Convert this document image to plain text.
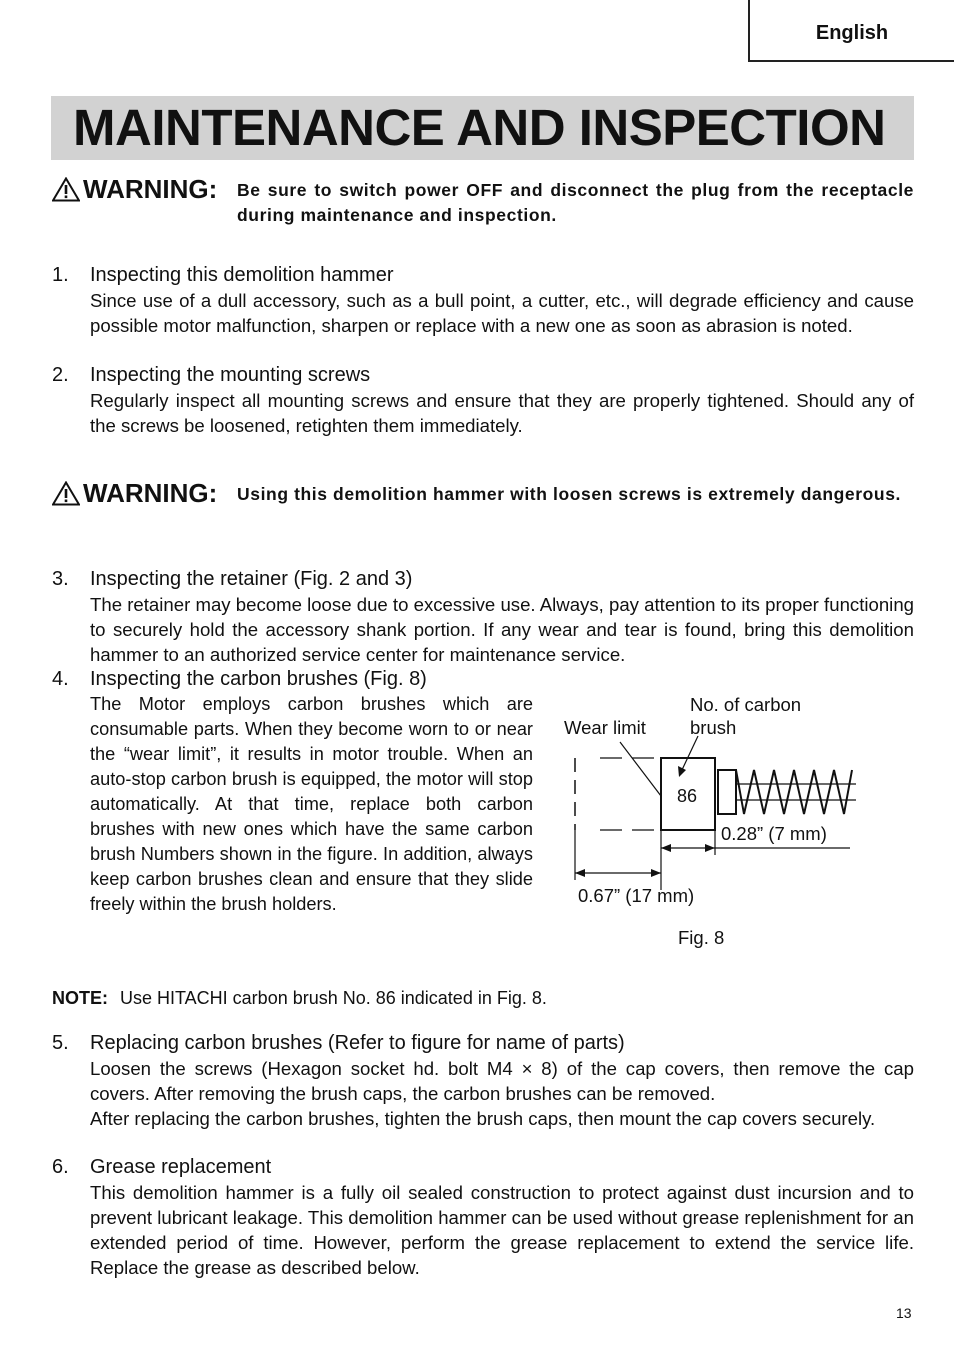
English
MAINTENANCE AND INSPECTION
WARNING: Be sure to switch power OFF and disconnect the plug from the receptacle during maintenance and inspection.
1. Inspecting this demolition hammer
Since use of a dull accessory, such as a bull point, a cutter, etc., will degrade efficiency and cause possible motor malfunction, sharpen or replace with a new one as soon as abrasion is noted.
2. Inspecting the mounting screws
Regularly inspect all mounting screws and ensure that they are properly tightened. Should any of the screws be loosened, retighten them immediately.
WARNING: Using this demolition hammer with loosen screws is extremely dangerous.
3. Inspecting the retainer (Fig. 2 and 3)
The retainer may become loose due to excessive use. Always, pay attention to its proper functioning to securely hold the accessory shank portion. If any wear and tear is found, bring this demolition hammer to an authorized service center for maintenance service.
4. Inspecting the carbon brushes (Fig. 8)
The Motor employs carbon brushes which are consumable parts. When they become worn to or near the “wear limit”, it results in motor trouble. When an auto-stop carbon brush is equipped, the motor will stop automatically. At that time, replace both carbon brushes with new ones which have the same carbon brush Numbers shown in the figure. In addition, always keep carbon brushes clean and ensure that they slide freely within the brush holders.
No. of carbon brush
Wear limit
86
0.28” (7 mm)
0.67” (17 mm)
Fig. 8
NOTE: Use HITACHI carbon brush No. 86 indicated in Fig. 8.
5. Replacing carbon brushes (Refer to figure for name of parts)
Loosen the screws (Hexagon socket hd. bolt M4 × 8) of the cap covers, then remove the cap covers. After removing the brush caps, the carbon brushes can be removed.
After replacing the carbon brushes, tighten the brush caps, then mount the cap covers securely.
6. Grease replacement
This demolition hammer is a fully oil sealed construction to protect against dust incursion and to prevent lubricant leakage. This demolition hammer can be used without grease replenishment for an extended period of time. However, perform the grease replacement to extend the service life. Replace the grease as described below.
13
